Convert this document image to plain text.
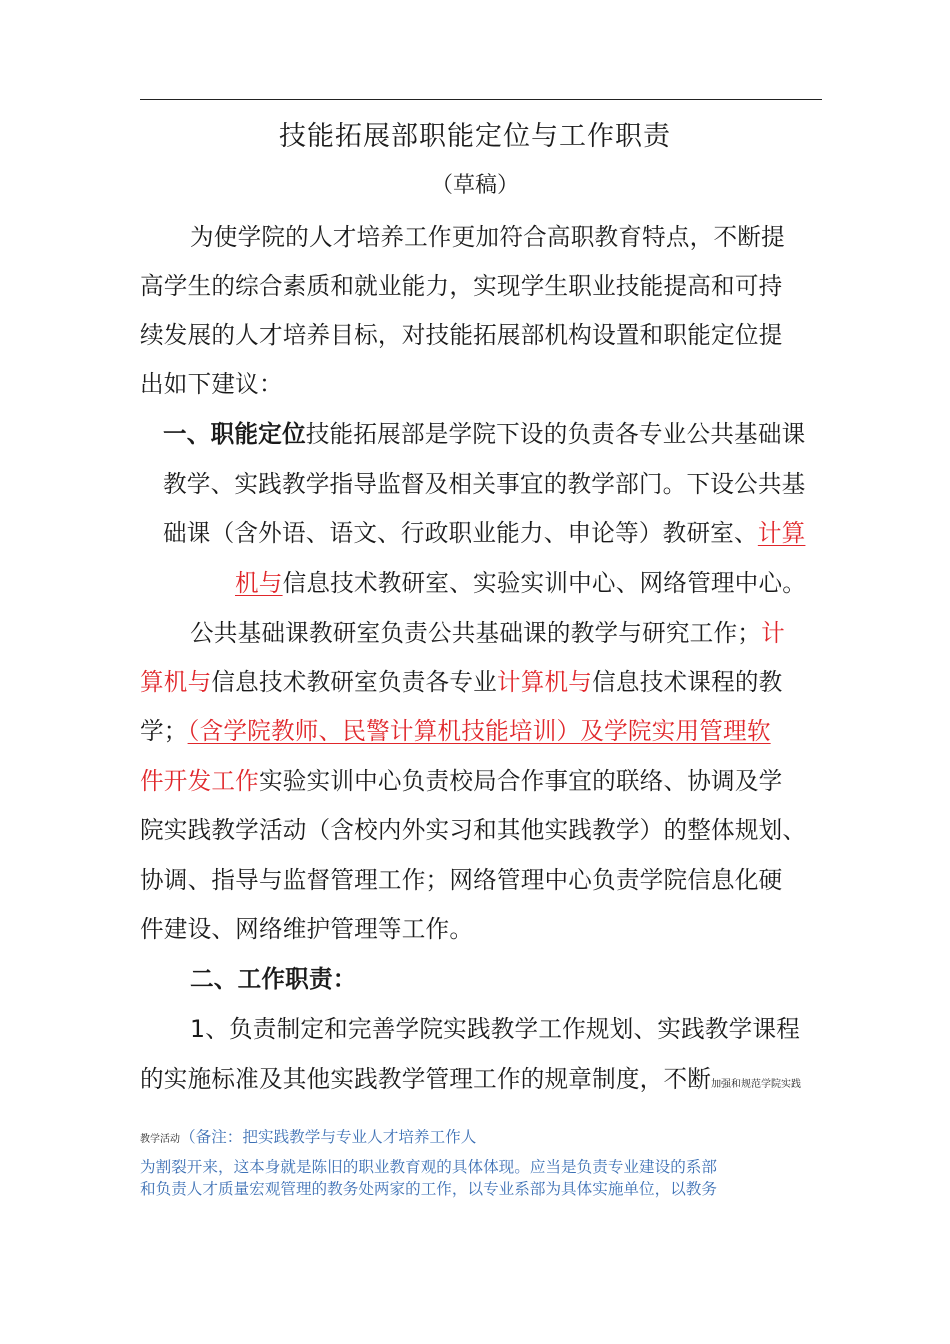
技能拓展部职能定位与工作职责
（草稿）
为使学院的人才培养工作更加符合高职教育特点，不断提
高学生的综合素质和就业能力，实现学生职业技能提高和可持
续发展的人才培养目标，对技能拓展部机构设置和职能定位提
出如下建议：
一、职能定位技能拓展部是学院下设的负责各专业公共基础课
教学、实践教学指导监督及相关事宜的教学部门。下设公共基
础课（含外语、语文、行政职业能力、申论等）教研室、计算
机与信息技术教研室、实验实训中心、网络管理中心。
公共基础课教研室负责公共基础课的教学与研究工作；计
算机与信息技术教研室负责各专业计算机与信息技术课程的教
学；（含学院教师、民警计算机技能培训）及学院实用管理软
件开发工作实验实训中心负责校局合作事宜的联络、协调及学
院实践教学活动（含校内外实习和其他实践教学）的整体规划、
协调、指导与监督管理工作；网络管理中心负责学院信息化硬
件建设、网络维护管理等工作。
二、工作职责：
1、负责制定和完善学院实践教学工作规划、实践教学课程
的实施标准及其他实践教学管理工作的规章制度，不断加强和规范学院实践
教学活动（备注：把实践教学与专业人才培养工作人
为割裂开来，这本身就是陈旧的职业教育观的具体体现。应当是负责专业建设的系部
和负责人才质量宏观管理的教务处两家的工作，以专业系部为具体实施单位，以教务
